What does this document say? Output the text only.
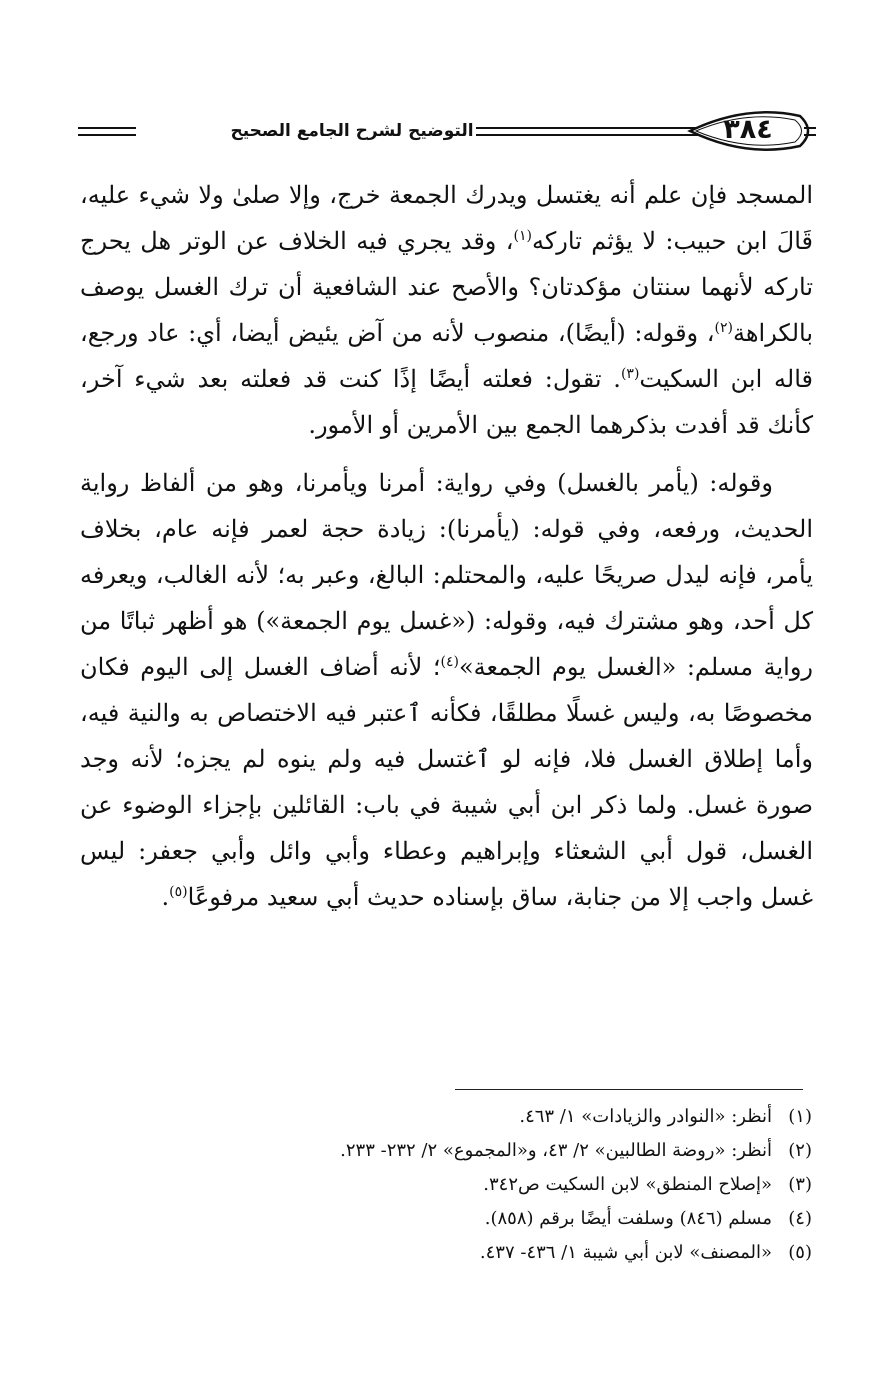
التوضيح لشرح الجامع الصحيح	٣٨٤

المسجد فإن علم أنه يغتسل ويدرك الجمعة خرج، وإلا صلىٰ ولا شيء عليه، قَالَ ابن حبيب: لا يؤثم تاركه$^{(١)}$، وقد يجري فيه الخلاف عن الوتر هل يحرج تاركه لأنهما سنتان مؤكدتان؟ والأصح عند الشافعية أن ترك الغسل يوصف بالكراهة$^{(٢)}$، وقوله: (أيضًا)، منصوب لأنه من آض يئيض أيضا، أي: عاد ورجع، قاله ابن السكيت$^{(٣)}$. تقول: فعلته أيضًا إذًا كنت قد فعلته بعد شيء آخر، كأنك قد أفدت بذكرهما الجمع بين الأمرين أو الأمور.

وقوله: (يأمر بالغسل) وفي رواية: أمرنا ويأمرنا، وهو من ألفاظ رواية الحديث، ورفعه، وفي قوله: (يأمرنا): زيادة حجة لعمر فإنه عام، بخلاف يأمر، فإنه ليدل صريحًا عليه، والمحتلم: البالغ، وعبر به؛ لأنه الغالب، ويعرفه كل أحد، وهو مشترك فيه، وقوله: («غسل يوم الجمعة») هو أظهر ثباتًا من رواية مسلم: «الغسل يوم الجمعة»$^{(٤)}$؛ لأنه أضاف الغسل إلى اليوم فكان مخصوصًا به، وليس غسلًا مطلقًا، فكأنه ٱعتبر فيه الاختصاص به والنية فيه، وأما إطلاق الغسل فلا، فإنه لو ٱغتسل فيه ولم ينوه لم يجزه؛ لأنه وجد صورة غسل. ولما ذكر ابن أبي شيبة في باب: القائلين بإجزاء الوضوء عن الغسل، قول أبي الشعثاء وإبراهيم وعطاء وأبي وائل وأبي جعفر: ليس غسل واجب إلا من جنابة، ساق بإسناده حديث أبي سعيد مرفوعًا$^{(٥)}$.

(١)أنظر: «النوادر والزيادات» ١/ ٤٦٣.
(٢)أنظر: «روضة الطالبين» ٢/ ٤٣، و«المجموع» ٢/ ٢٣٢- ٢٣٣.
(٣)«إصلاح المنطق» لابن السكيت ص٣٤٢.
(٤)مسلم (٨٤٦) وسلفت أيضًا برقم (٨٥٨).
(٥)«المصنف» لابن أبي شيبة ١/ ٤٣٦- ٤٣٧.
